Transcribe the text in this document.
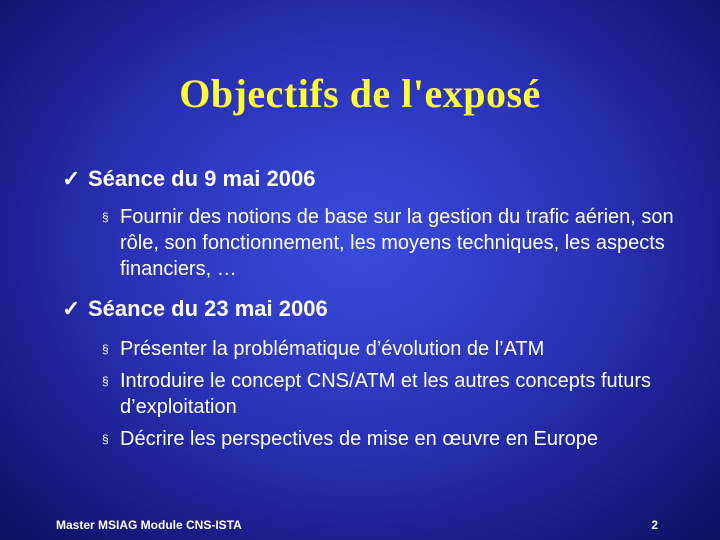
Objectifs de l'exposé
✓ Séance du 9 mai 2006
§ Fournir des notions de base sur la gestion du trafic aérien, son rôle, son fonctionnement, les moyens techniques, les aspects financiers, …
✓ Séance du 23 mai 2006
§ Présenter la problématique d’évolution de l’ATM
§ Introduire le concept CNS/ATM et les autres concepts futurs d’exploitation
§ Décrire les perspectives de mise en œuvre en Europe
Master MSIAG Module CNS-ISTA	2
